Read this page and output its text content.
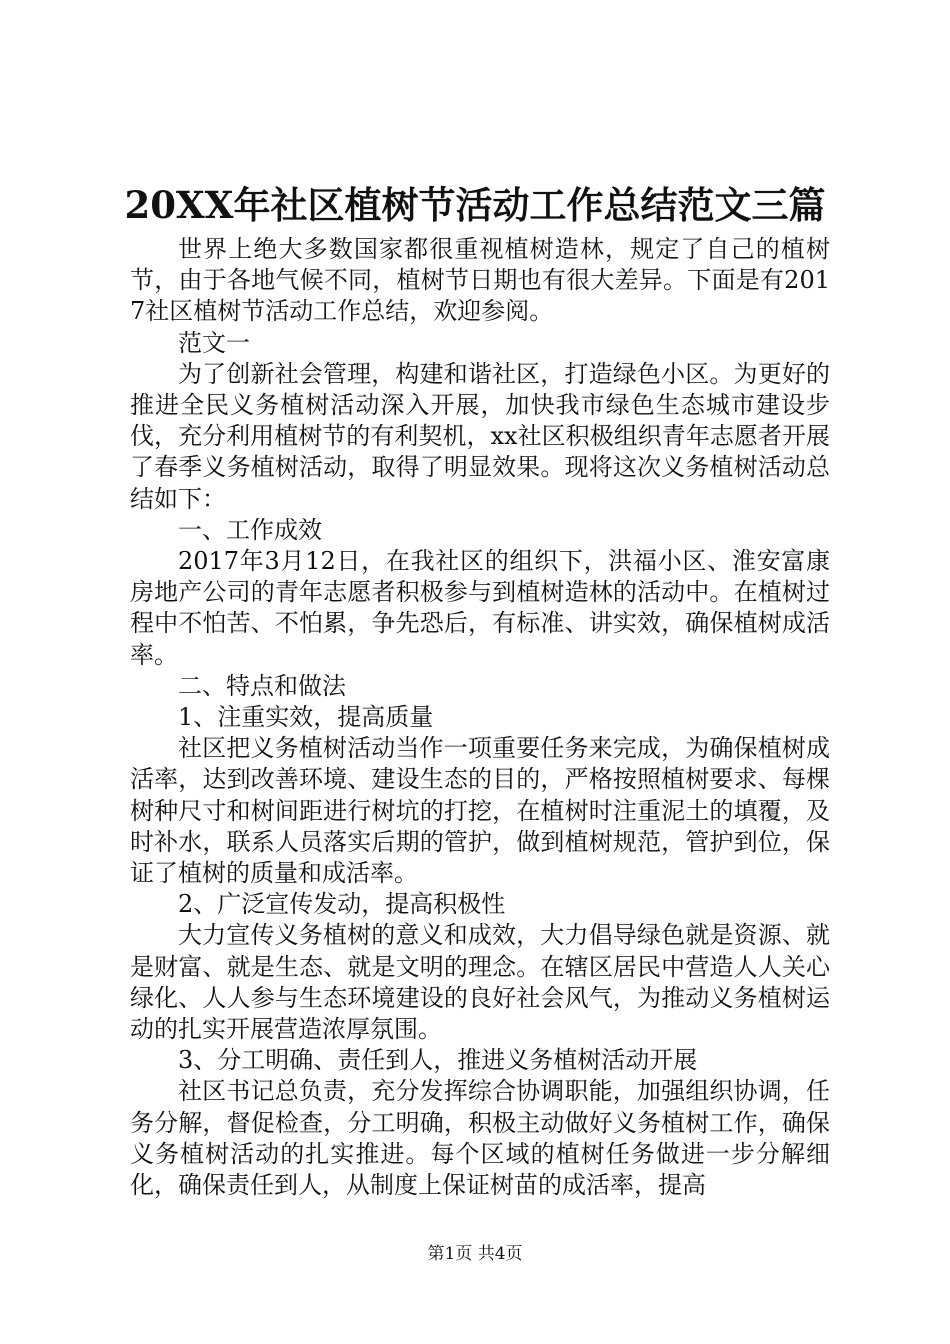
20XX年社区植树节活动工作总结范文三篇

世界上绝大多数国家都很重视植树造林，规定了自己的植树节，由于各地气候不同，植树节日期也有很大差异。下面是有2017社区植树节活动工作总结，欢迎参阅。

范文一

为了创新社会管理，构建和谐社区，打造绿色小区。为更好的推进全民义务植树活动深入开展，加快我市绿色生态城市建设步伐，充分利用植树节的有利契机，xx社区积极组织青年志愿者开展了春季义务植树活动，取得了明显效果。现将这次义务植树活动总结如下：

一、工作成效

2017年3月12日，在我社区的组织下，洪福小区、淮安富康房地产公司的青年志愿者积极参与到植树造林的活动中。在植树过程中不怕苦、不怕累，争先恐后，有标准、讲实效，确保植树成活率。

二、特点和做法

1、注重实效，提高质量

社区把义务植树活动当作一项重要任务来完成，为确保植树成活率，达到改善环境、建设生态的目的，严格按照植树要求、每棵树种尺寸和树间距进行树坑的打挖，在植树时注重泥土的填覆，及时补水，联系人员落实后期的管护，做到植树规范，管护到位，保证了植树的质量和成活率。

2、广泛宣传发动，提高积极性

大力宣传义务植树的意义和成效，大力倡导绿色就是资源、就是财富、就是生态、就是文明的理念。在辖区居民中营造人人关心绿化、人人参与生态环境建设的良好社会风气，为推动义务植树运动的扎实开展营造浓厚氛围。

3、分工明确、责任到人，推进义务植树活动开展

社区书记总负责，充分发挥综合协调职能，加强组织协调，任务分解，督促检查，分工明确，积极主动做好义务植树工作，确保义务植树活动的扎实推进。每个区域的植树任务做进一步分解细化，确保责任到人，从制度上保证树苗的成活率，提高

第1页 共4页
